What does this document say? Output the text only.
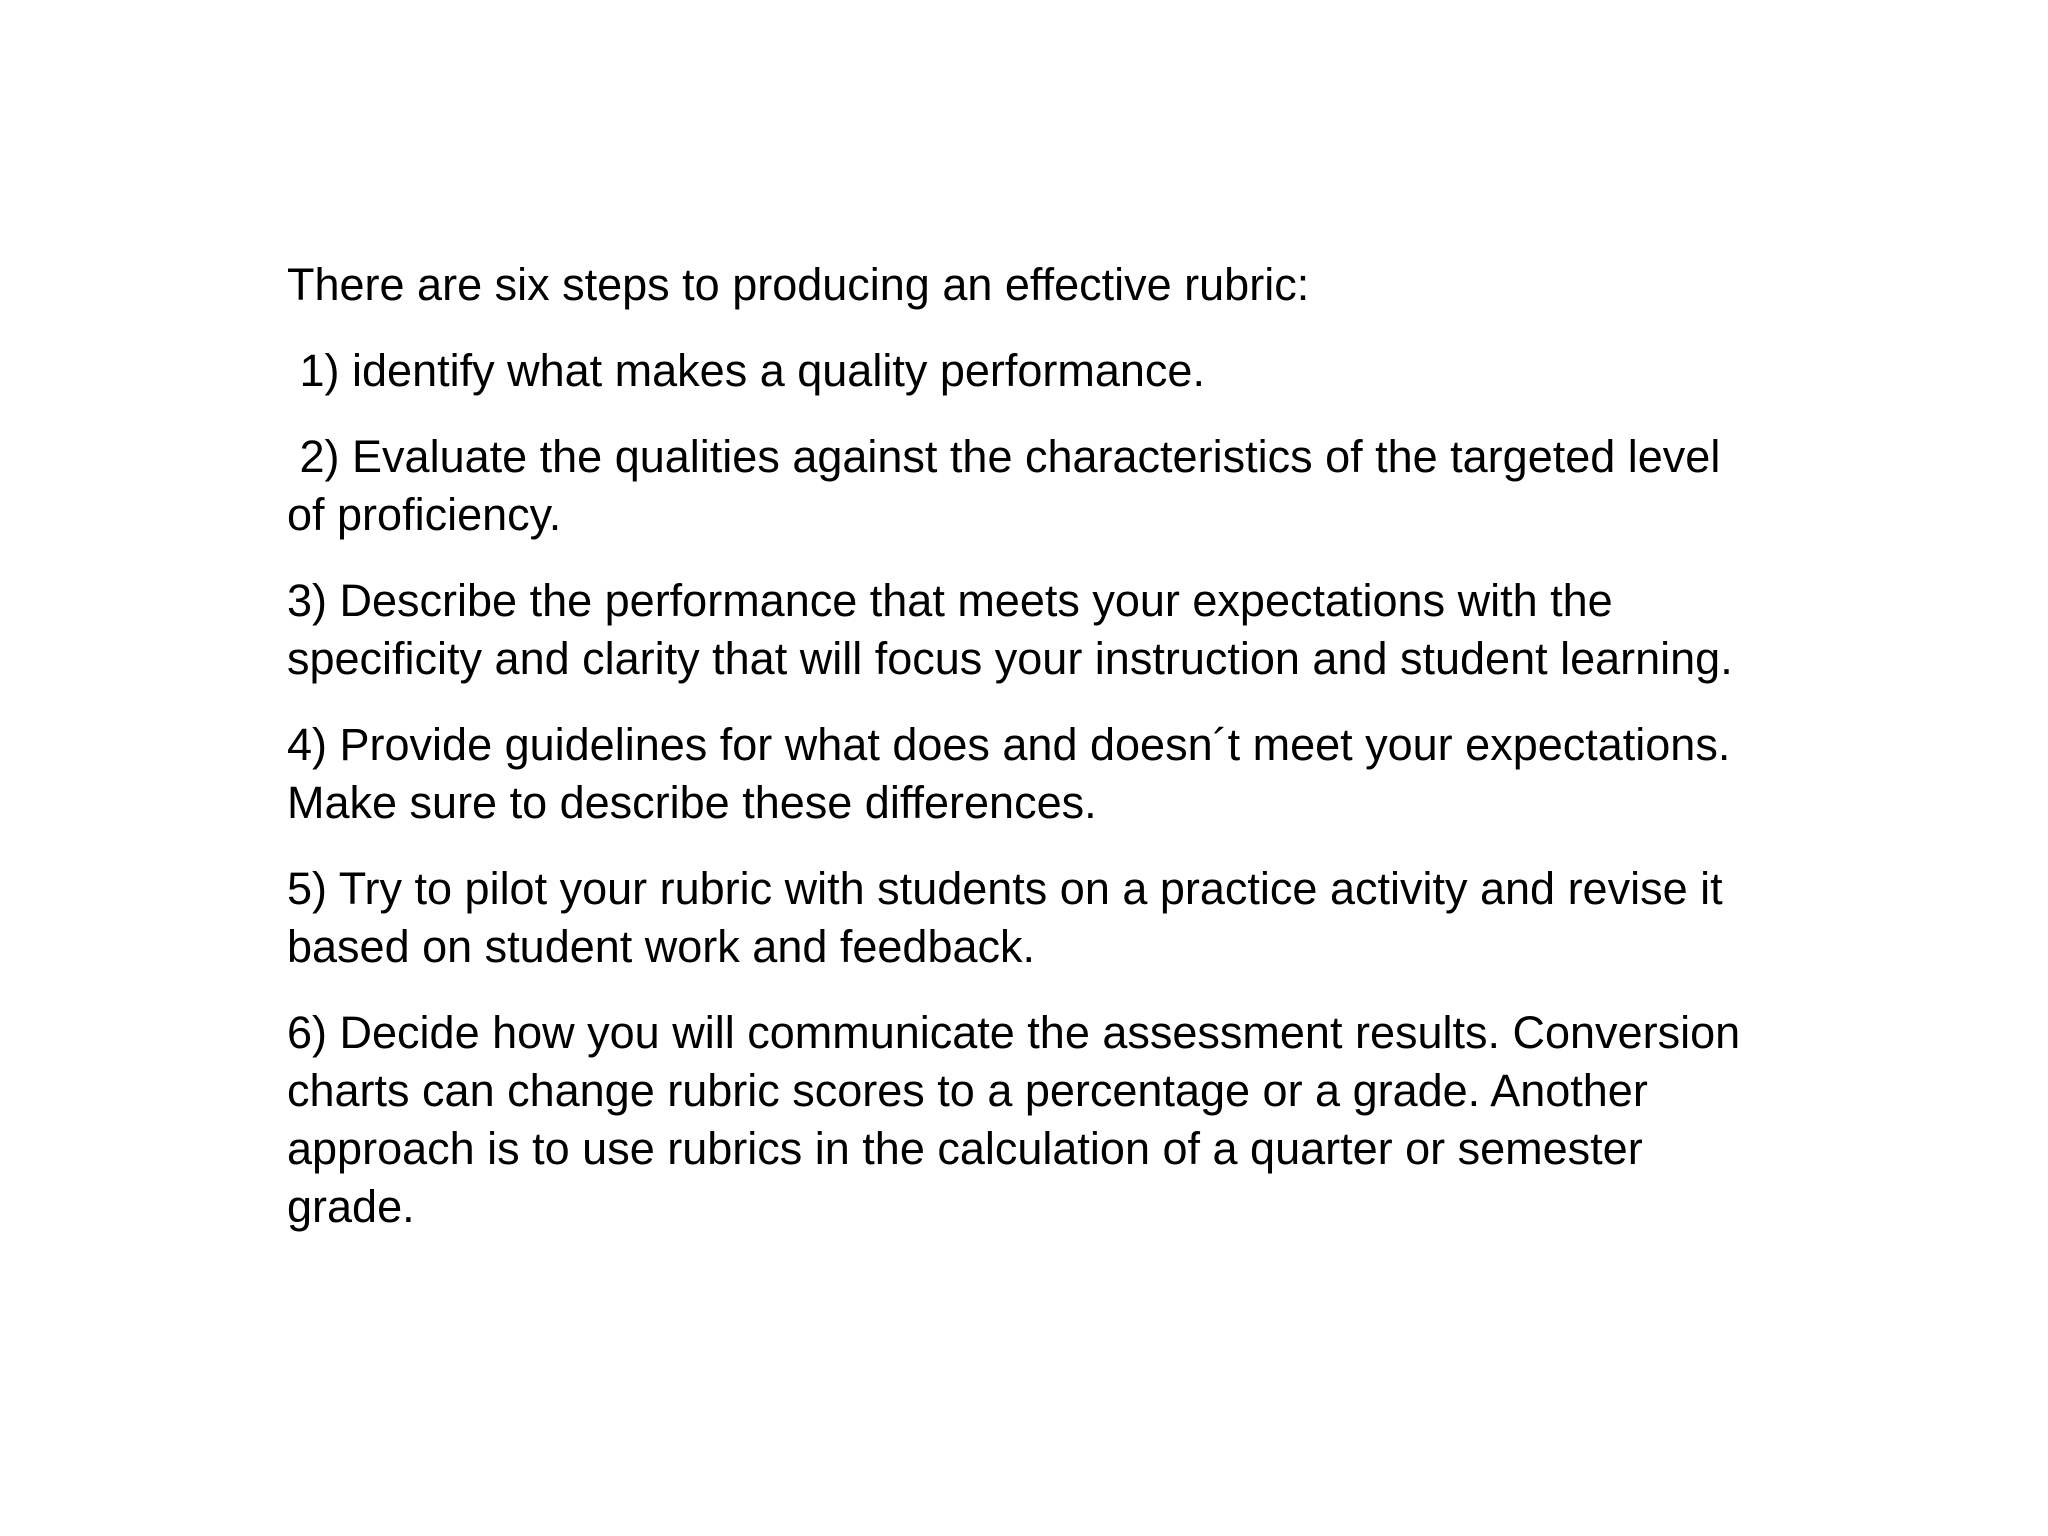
There are six steps to producing an effective rubric:

1) identify what makes a quality performance.

2) Evaluate the qualities against the characteristics of the targeted level of proficiency.

3) Describe the performance that meets your expectations with the specificity and clarity that will focus your instruction and student learning.

4) Provide guidelines for what does and doesn´t meet your expectations. Make sure to describe these differences.

5) Try to pilot your rubric with students on a practice activity and revise it based on student work and feedback.

6) Decide how you will communicate the assessment results. Conversion charts can change rubric scores to a percentage or a grade. Another approach is to use rubrics in the calculation of a quarter or semester grade.
